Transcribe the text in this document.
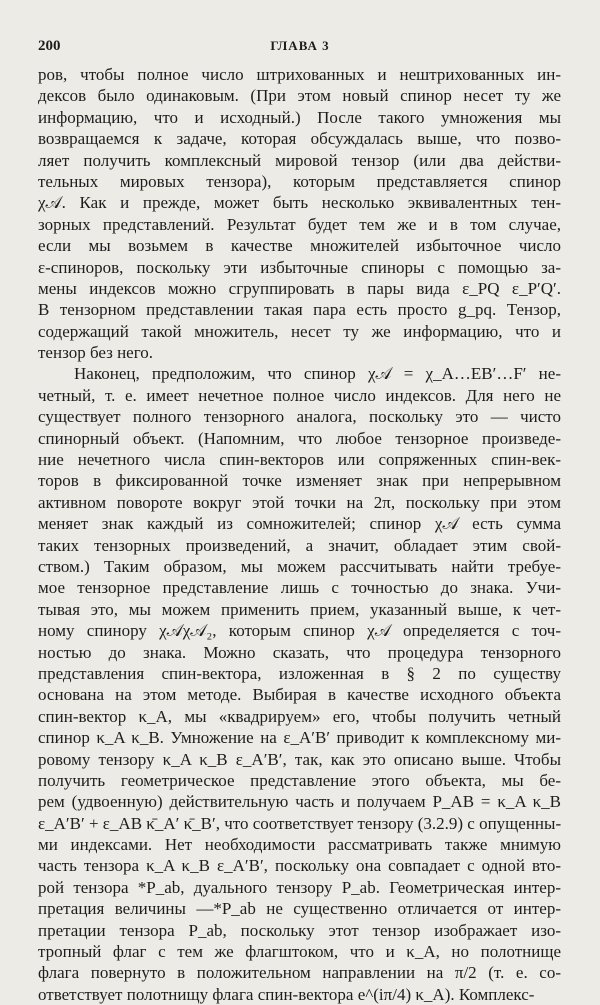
200	ГЛАВА 3
ров, чтобы полное число штрихованных и нештрихованных ин-
дексов было одинаковым. (При этом новый спинор несет ту же
информацию, что и исходный.) После такого умножения мы
возвращаемся к задаче, которая обсуждалась выше, что позво-
ляет получить комплексный мировой тензор (или два действи-
тельных мировых тензора), которым представляется спинор
χ𝒜. Как и прежде, может быть несколько эквивалентных тен-
зорных представлений. Результат будет тем же и в том случае,
если мы возьмем в качестве множителей избыточное число
ε-спиноров, поскольку эти избыточные спиноры с помощью за-
мены индексов можно сгруппировать в пары вида ε_PQ ε_P′Q′.
В тензорном представлении такая пара есть просто g_pq. Тензор,
содержащий такой множитель, несет ту же информацию, что и
тензор без него.
Наконец, предположим, что спинор χ𝒜 = χ_A…EB′…F′ не-
четный, т. е. имеет нечетное полное число индексов. Для него не
существует полного тензорного аналога, поскольку это — чисто
спинорный объект. (Напомним, что любое тензорное произведе-
ние нечетного числа спин-векторов или сопряженных спин-век-
торов в фиксированной точке изменяет знак при непрерывном
активном повороте вокруг этой точки на 2π, поскольку при этом
меняет знак каждый из сомножителей; спинор χ𝒜 есть сумма
таких тензорных произведений, а значит, обладает этим свой-
ством.) Таким образом, мы можем рассчитывать найти требуе-
мое тензорное представление лишь с точностью до знака. Учи-
тывая это, мы можем применить прием, указанный выше, к чет-
ному спинору χ𝒜χ𝒜₂, которым спинор χ𝒜 определяется с точ-
ностью до знака. Можно сказать, что процедура тензорного
представления спин-вектора, изложенная в § 2 по существу
основана на этом методе. Выбирая в качестве исходного объекта
спин-вектор κ_A, мы «квадрируем» его, чтобы получить четный
спинор κ_A κ_B. Умножение на ε_A′B′ приводит к комплексному ми-
ровому тензору κ_A κ_B ε_A′B′, так, как это описано выше. Чтобы
получить геометрическое представление этого объекта, мы бе-
рем (удвоенную) действительную часть и получаем P_AB = κ_A κ_B
ε_A′B′ + ε_AB κ̄_A′ κ̄_B′, что соответствует тензору (3.2.9) с опущенны-
ми индексами. Нет необходимости рассматривать также мнимую
часть тензора κ_A κ_B ε_A′B′, поскольку она совпадает с одной вто-
рой тензора *P_ab, дуального тензору P_ab. Геометрическая интер-
претация величины —*P_ab не существенно отличается от интер-
претации тензора P_ab, поскольку этот тензор изображает изо-
тропный флаг с тем же флагштоком, что и κ_A, но полотнище
флага повернуто в положительном направлении на π/2 (т. е. со-
ответствует полотнищу флага спин-вектора e^(iπ/4) κ_A). Комплекс-
